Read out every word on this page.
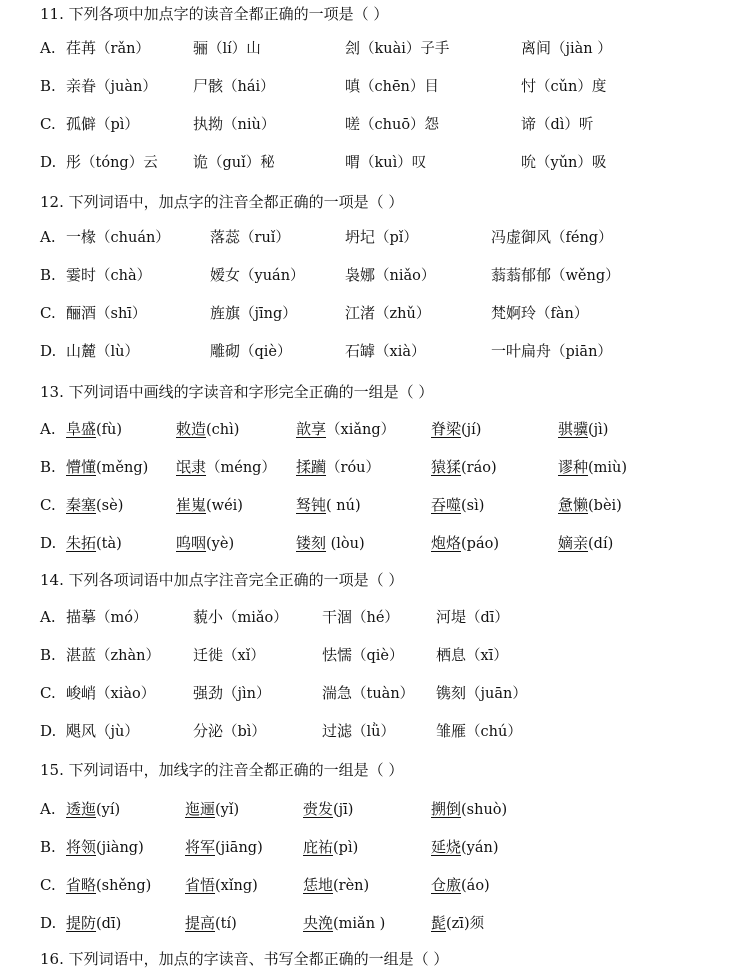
11. 下列各项中加点字的读音全都正确的一项是（ ）
A. 荏苒（rǎn）	骊（lí）山	刽（kuài）子手	离间（jiàn ）
B. 亲眷（juàn） 尸骸（hái）	嗔（chēn）目	忖（cǔn）度
C. 孤僻（pì）	执拗（niù）	嗟（chuō）怨	谛（dì）听
D. 彤（tóng）云 诡（guǐ）秘	喟（kuì）叹	吮（yǔn）吸
12. 下列词语中，加点字的注音全都正确的一项是（ ）
A. 一椽（chuán）	落蕊（ruǐ）	坍圮（pǐ）	冯虚御风（féng）
B. 霎时（chà）	嫒女（yuán）	袅娜（niǎo）	蓊蓊郁郁（wěng）
C. 酾酒（shī）	旌旗（jīng）	江渚（zhǔ）	梵婀玲（fàn）
D. 山麓（lù）	雕砌（qiè）	石罅（xià）	一叶扁舟（piān）
13. 下列词语中画线的字读音和字形完全正确的一组是（ ）
A. 阜盛(fù)	敕造(chì)	歆享（xiǎng） 脊梁(jí)	骐骥(jì)
B. 懵懂(měng) 氓隶（méng） 揉躏（róu）	猿猱(ráo)	谬种(miù)
C. 秦塞(sè)	崔嵬(wéi)	驽钝( nú)	吞噬(sì)	惫懒(bèi)
D. 朱拓(tà)	呜咽(yè)	镂刻 (lòu)	炮烙(páo)	嫡亲(dí)
14. 下列各项词语中加点字注音完全正确的一项是（ ）
A. 描摹（mó）	藐小（miǎo） 干涸（hé） 河堤（dī）
B. 湛蓝（zhàn） 迁徙（xǐ）	怯懦（qiè） 栖息（xī）
C. 峻峭（xiào）	强劲（jìn）	湍急（tuàn） 镌刻（juān）
D. 飓风（jù）	分泌（bì）	过滤（lǜ）	雏雁（chú）
15. 下列词语中，加线字的注音全都正确的一组是（ ）
A. 透迤(yí)	迤逦(yǐ)	赍发(jī)	搠倒(shuò)
B. 将领(jiàng)	将军(jiāng)	庇祐(pì)	延烧(yán)
C. 省略(shěng) 省悟(xǐng)	恁地(rèn)	仓廒(áo)
D. 提防(dī)	提高(tí)	央浼(miǎn )	髭(zī)须
16. 下列词语中，加点的字读音、书写全都正确的一组是（ ）
